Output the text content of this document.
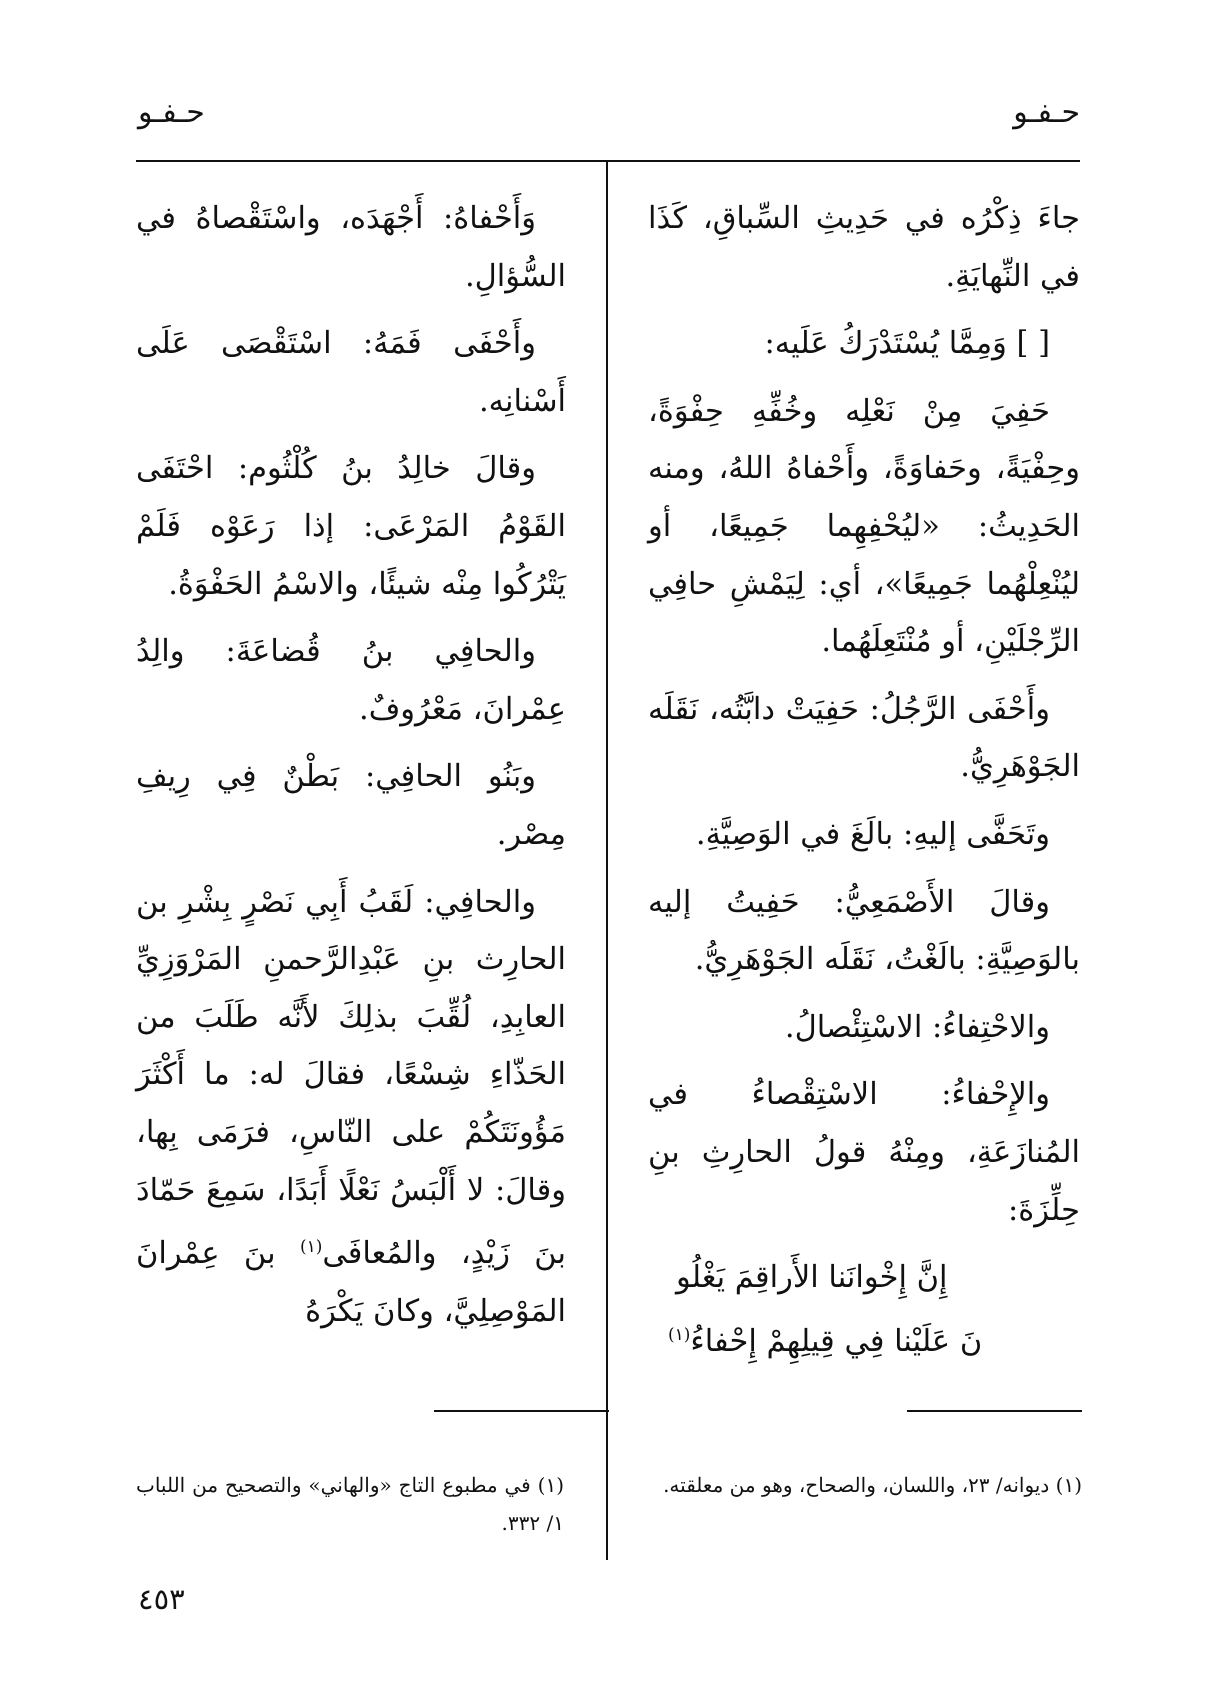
حـفـو
حـفـو

جاءَ ذِكْرُه في حَدِيثِ السِّباقِ، كَذَا في النِّهايَةِ.

[ ] وَمِمَّا يُسْتَدْرَكُ عَلَيه:

حَفِيَ مِنْ نَعْلِه وخُفِّهِ حِفْوَةً، وحِفْيَةً، وحَفاوَةً، وأَحْفاهُ اللهُ، ومنه الحَدِيثُ: «ليُحْفِهِما جَمِيعًا، أو ليُنْعِلْهُما جَمِيعًا»، أي: لِيَمْشِ حافِي الرِّجْلَيْنِ، أو مُنْتَعِلَهُما.

وأَحْفَى الرَّجُلُ: حَفِيَتْ دابَّتُه، نَقَلَه الجَوْهَرِيُّ.

وتَحَفَّى إليهِ: بالَغَ في الوَصِيَّةِ.

وقالَ الأَصْمَعِيُّ: حَفِيتُ إليه بالوَصِيَّةِ: بالَغْتُ، نَقَلَه الجَوْهَرِيُّ.

والاحْتِفاءُ: الاسْتِئْصالُ.

والإِحْفاءُ: الاسْتِقْصاءُ في المُنازَعَةِ، ومِنْهُ قولُ الحارِثِ بنِ حِلِّزَةَ:

إِنَّ إِخْوانَنا الأَراقِمَ يَغْلُو
نَ عَلَيْنا فِي قِيلِهِمْ إِحْفاءُ$^{(١)}$

وَأَحْفاهُ: أَجْهَدَه، واسْتَقْصاهُ في السُّؤالِ.

وأَحْفَى فَمَهُ: اسْتَقْصَى عَلَى أَسْنانِه.

وقالَ خالِدُ بنُ كُلْثُوم: احْتَفَى القَوْمُ المَرْعَى: إذا رَعَوْه فَلَمْ يَتْرُكُوا مِنْه شيئًا، والاسْمُ الحَفْوَةُ.

والحافِي بنُ قُضاعَةَ: والِدُ عِمْرانَ، مَعْرُوفٌ.

وبَنُو الحافِي: بَطْنٌ فِي رِيفِ مِصْر.

والحافِي: لَقَبُ أَبِي نَصْرٍ بِشْرِ بن الحارِث بنِ عَبْدِالرَّحمنِ المَرْوَزِيِّ العابِدِ، لُقِّبَ بذلِكَ لأَنَّه طَلَبَ من الحَذّاءِ شِسْعًا، فقالَ له: ما أَكْثَرَ مَؤُونَتَكُمْ على النّاسِ، فرَمَى بِها، وقالَ: لا أَلْبَسُ نَعْلًا أَبَدًا، سَمِعَ حَمّادَ بنَ زَيْدٍ، والمُعافَى$^{(١)}$ بنَ عِمْرانَ المَوْصِلِيَّ، وكانَ يَكْرَهُ

(١) ديوانه/ ٢٣، واللسان، والصحاح، وهو من معلقته.
(١) في مطبوع التاج «والهاني» والتصحيح من اللباب ١/ ٣٣٢.
٤٥٣
